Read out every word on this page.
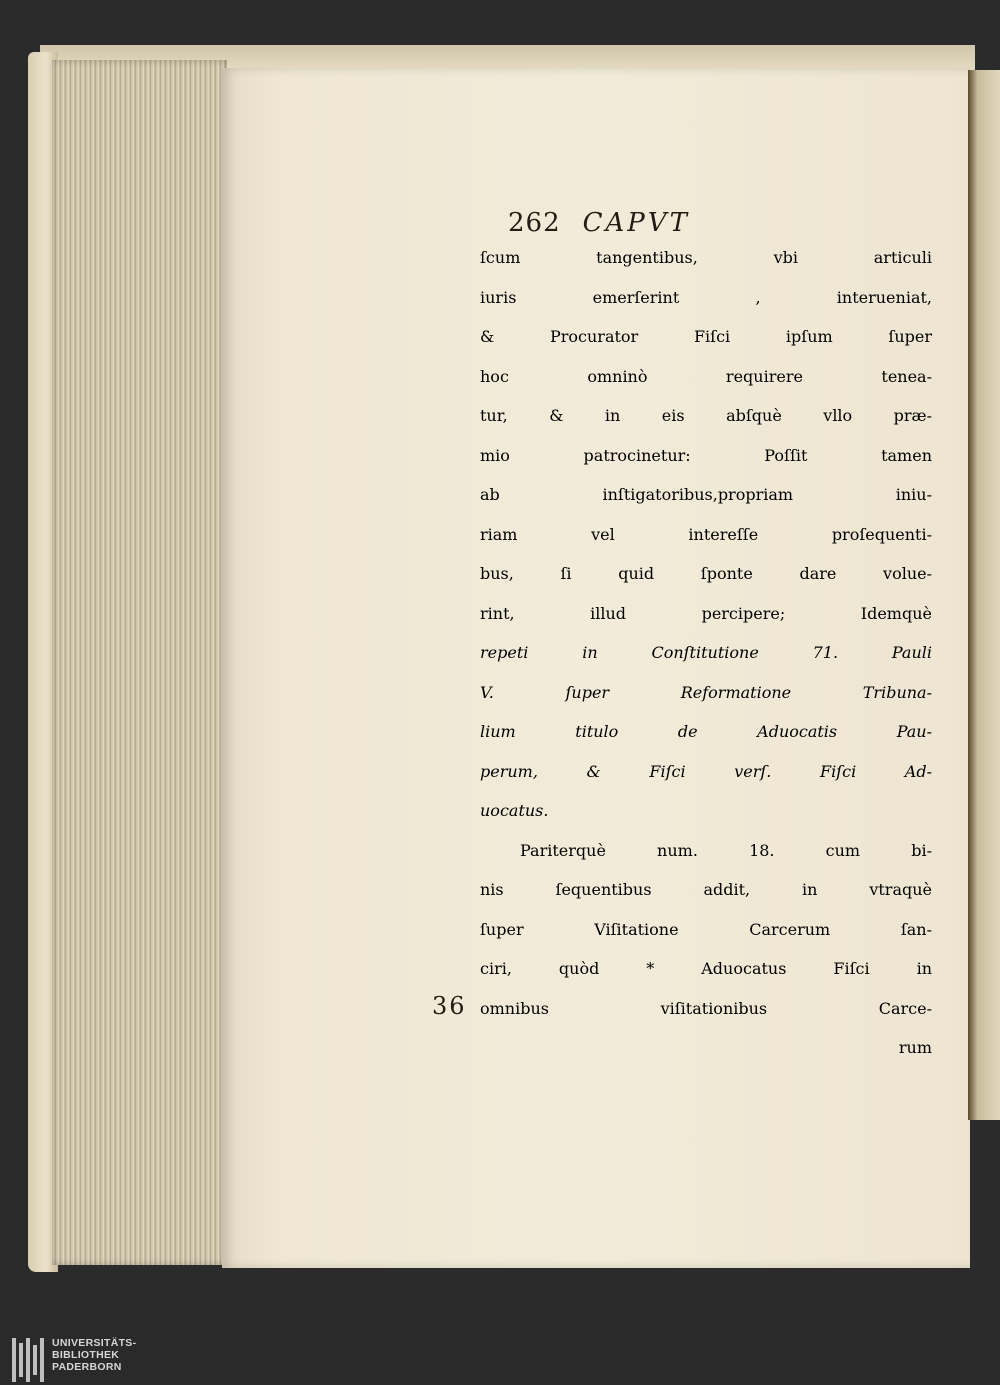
262 CAPVT
36
ſcum tangentibus, vbi articuli
iuris emerſerint , interueniat,
& Procurator Fiſci ipſum ſuper
hoc omninò requirere tenea-
tur, & in eis abſquè vllo præ-
mio patrocinetur: Poſſit tamen
ab inſtigatoribus,propriam iniu-
riam vel intereſſe proſequenti-
bus, ſi quid ſponte dare volue-
rint, illud percipere; Idemquè
repeti in Conſtitutione 71. Pauli
V. ſuper Reformatione Tribuna-
lium titulo de Aduocatis Pau-
perum, & Fiſci verſ. Fiſci Ad-
uocatus.
Pariterquè num. 18. cum bi-
nis ſequentibus addit, in vtraquè
ſuper Viſitatione Carcerum ſan-
ciri, quòd * Aduocatus Fiſci in
omnibus viſitationibus Carce-
rum
UNIVERSITÄTS-
BIBLIOTHEK
PADERBORN
